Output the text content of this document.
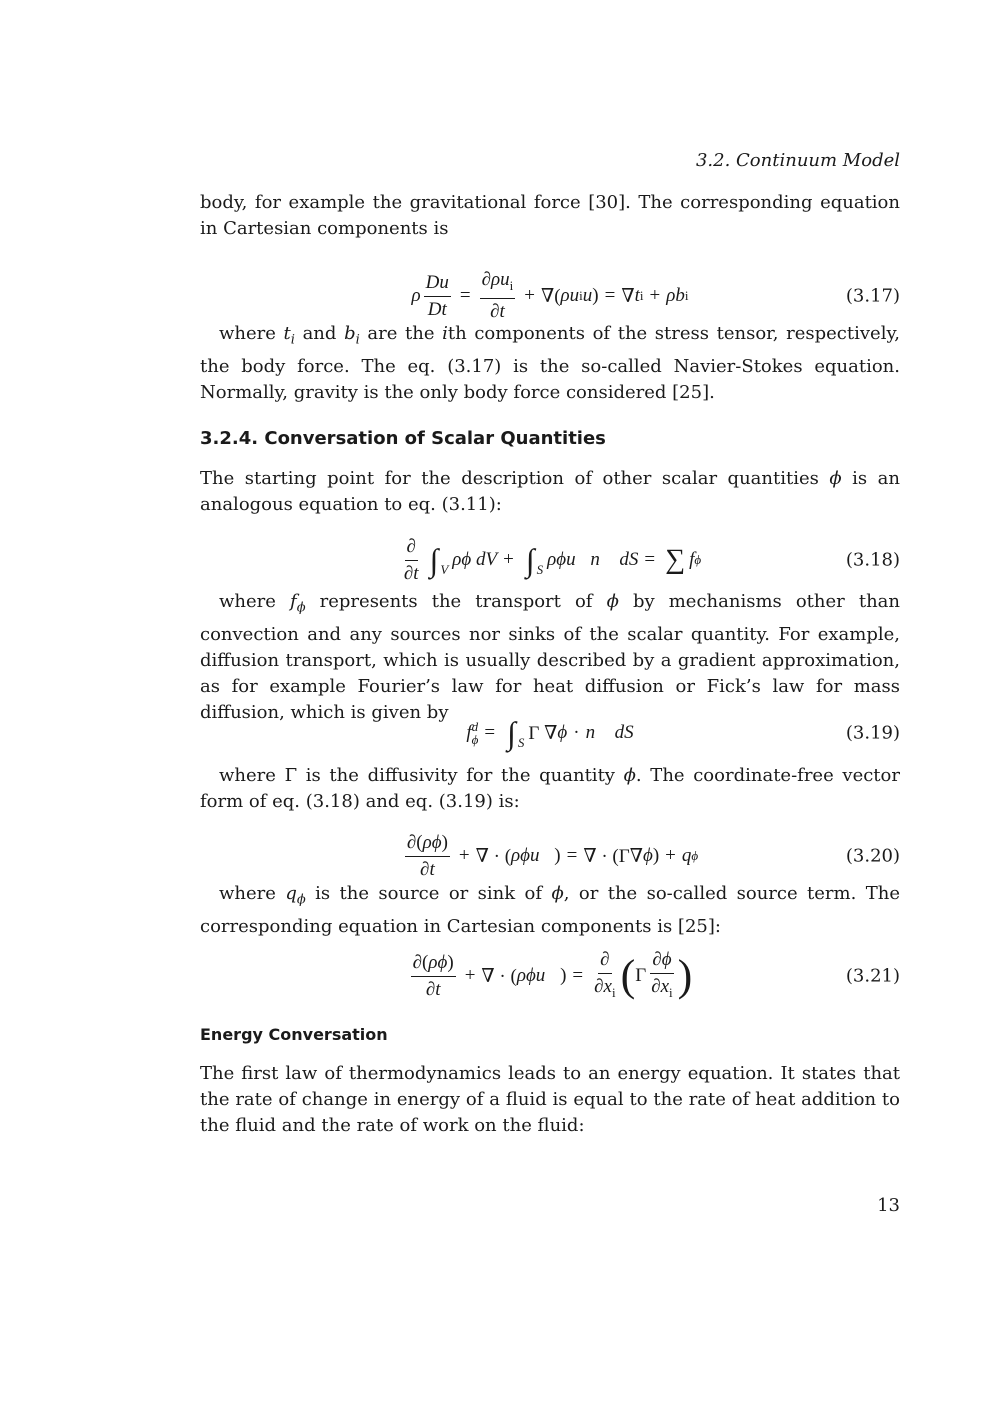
3.2. Continuum Model

body, for example the gravitational force [30]. The corresponding equation in Cartesian components is

ρ $\frac{Du}{Dt} = \frac{\partial\rho u_i}{\partial t}$ + ∇( ρu i u ) = ∇ t i + ρb i	(3.17)

where $t_i$ and $b_i$ are the ith components of the stress tensor, respectively, the body force. The eq. (3.17) is the so-called Navier-Stokes equation. Normally, gravity is the only body force considered [25].

3.2.4. Conversation of Scalar Quantities

The starting point for the description of other scalar quantities ϕ is an analogous equation to eq. (3.11):

$\frac{\partial}{\partial t}$ ∫ V ρϕ dV + ∫ S ρϕ u⃗n⃗ dS = ∑ f ϕ	(3.18)

where $f_\phi$ represents the transport of ϕ by mechanisms other than convection and any sources nor sinks of the scalar quantity. For example, diffusion transport, which is usually described by a gradient approximation, as for example Fourier’s law for heat diffusion or Fick’s law for mass diffusion, which is given by

f d
ϕ = ∫ S Γ ∇ ϕ · n⃗ dS	(3.19)

where Γ is the diffusivity for the quantity ϕ. The coordinate-free vector form of eq. (3.18) and eq. (3.19) is:

$\frac{\partial(\rho\phi)}{\partial t}$ + ∇ · ( ρϕu⃗ ) = ∇ · (Γ∇ ϕ ) + q ϕ	(3.20)

where $q_\phi$ is the source or sink of ϕ, or the so-called source term. The corresponding equation in Cartesian components is [25]:

$\frac{\partial(\rho\phi)}{\partial t}$ + ∇ · ( ρϕu⃗ ) = $\frac{\partial}{\partial x_i}$ ( Γ $\frac{\partial\phi}{\partial x_i}$ )	(3.21)
Energy Conversation

The first law of thermodynamics leads to an energy equation. It states that the rate of change in energy of a fluid is equal to the rate of heat addition to the fluid and the rate of work on the fluid:

13
